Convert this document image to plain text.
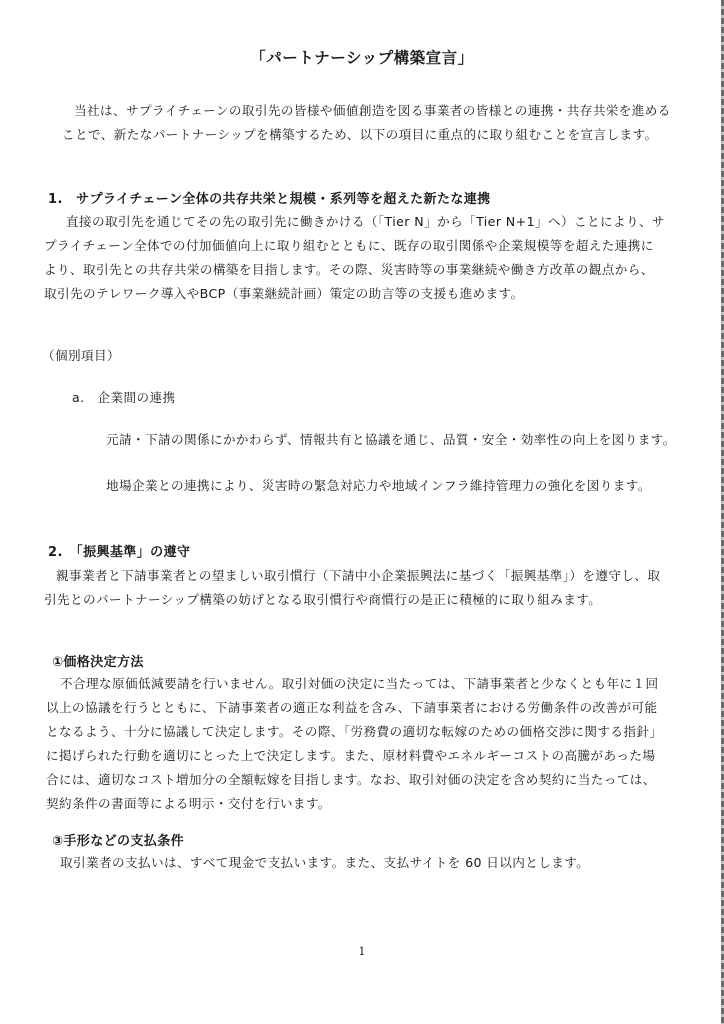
「パートナーシップ構築宣言」

当社は、サプライチェーンの取引先の皆様や価値創造を図る事業者の皆様との連携・共存共栄を進めることで、新たなパートナーシップを構築するため、以下の項目に重点的に取り組むことを宣言します。

1.　サプライチェーン全体の共存共栄と規模・系列等を超えた新たな連携

直接の取引先を通じてその先の取引先に働きかける（「Tier N」から「Tier N+1」へ）ことにより、サプライチェーン全体での付加価値向上に取り組むとともに、既存の取引関係や企業規模等を超えた連携により、取引先との共存共栄の構築を目指します。その際、災害時等の事業継続や働き方改革の観点から、取引先のテレワーク導入やBCP（事業継続計画）策定の助言等の支援も進めます。

（個別項目）
a.　企業間の連携

元請・下請の関係にかかわらず、情報共有と協議を通じ、品質・安全・効率性の向上を図ります。

地場企業との連携により、災害時の緊急対応力や地域インフラ維持管理力の強化を図ります。

2.　「振興基準」の遵守

親事業者と下請事業者との望ましい取引慣行（下請中小企業振興法に基づく「振興基準」）を遵守し、取引先とのパートナーシップ構築の妨げとなる取引慣行や商慣行の是正に積極的に取り組みます。

①価格決定方法

不合理な原価低減要請を行いません。取引対価の決定に当たっては、下請事業者と少なくとも年に１回以上の協議を行うとともに、下請事業者の適正な利益を含み、下請事業者における労働条件の改善が可能となるよう、十分に協議して決定します。その際、「労務費の適切な転嫁のための価格交渉に関する指針」に掲げられた行動を適切にとった上で決定します。また、原材料費やエネルギーコストの高騰があった場合には、適切なコスト増加分の全額転嫁を目指します。なお、取引対価の決定を含め契約に当たっては、契約条件の書面等による明示・交付を行います。

③手形などの支払条件

取引業者の支払いは、すべて現金で支払います。また、支払サイトを 60 日以内とします。

1
